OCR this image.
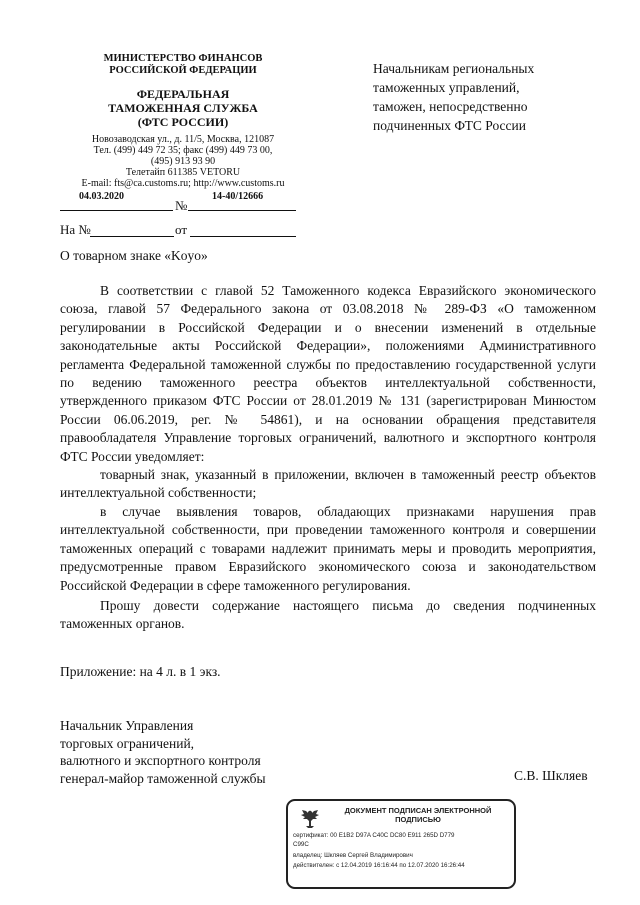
МИНИСТЕРСТВО ФИНАНСОВ
РОССИЙСКОЙ ФЕДЕРАЦИИ
ФЕДЕРАЛЬНАЯ
ТАМОЖЕННАЯ СЛУЖБА
(ФТС РОССИИ)
Новозаводская ул., д. 11/5, Москва, 121087
Тел. (499) 449 72 35; факс (499) 449 73 00,
(495) 913 93 90
Телетайп 611385 VETORU
E-mail: fts@ca.customs.ru; http://www.customs.ru
04.03.2020
№
14-40/12666
На №	от
Начальникам региональных
таможенных управлений,
таможен, непосредственно
подчиненных ФТС России
О товарном знаке «Koyo»

В соответствии с главой 52 Таможенного кодекса Евразийского экономического союза, главой 57 Федерального закона от 03.08.2018 № 289-ФЗ «О таможенном регулировании в Российской Федерации и о внесении изменений в отдельные законодательные акты Российской Федерации», положениями Административного регламента Федеральной таможенной службы по предоставлению государственной услуги по ведению таможенного реестра объектов интеллектуальной собственности, утвержденного приказом ФТС России от 28.01.2019 № 131 (зарегистрирован Минюстом России 06.06.2019, рег. № 54861), и на основании обращения представителя правообладателя Управление торговых ограничений, валютного и экспортного контроля ФТС России уведомляет:

товарный знак, указанный в приложении, включен в таможенный реестр объектов интеллектуальной собственности;

в случае выявления товаров, обладающих признаками нарушения прав интеллектуальной собственности, при проведении таможенного контроля и совершении таможенных операций с товарами надлежит принимать меры и проводить мероприятия, предусмотренные правом Евразийского экономического союза и законодательством Российской Федерации в сфере таможенного регулирования.

Прошу довести содержание настоящего письма до сведения подчиненных таможенных органов.

Приложение: на 4 л. в 1 экз.
Начальник Управления
торговых ограничений,
валютного и экспортного контроля
генерал-майор таможенной службы	С.В. Шкляев
ДОКУМЕНТ ПОДПИСАН ЭЛЕКТРОННОЙ
ПОДПИСЬЮ
сертификат: 00 E1B2 D97A C40C DC80 E911 265D D779
C99C
владелец: Шкляев Сергей Владимирович
действителен: с 12.04.2019 16:16:44 по 12.07.2020 16:26:44
